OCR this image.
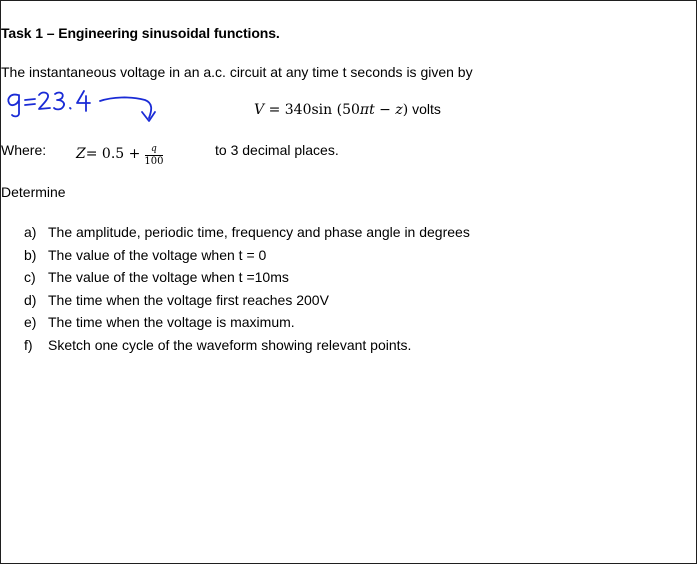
Task 1 – Engineering sinusoidal functions.
The instantaneous voltage in an a.c. circuit at any time t seconds is given by
V = 340sin (50πt − z) volts
Where: $Z = 0.5 + \frac{q}{100}$	to 3 decimal places.
Determine
a) The amplitude, periodic time, frequency and phase angle in degrees
b) The value of the voltage when t = 0
c) The value of the voltage when t =10ms
d) The time when the voltage first reaches 200V
e) The time when the voltage is maximum.
f)	Sketch one cycle of the waveform showing relevant points.
